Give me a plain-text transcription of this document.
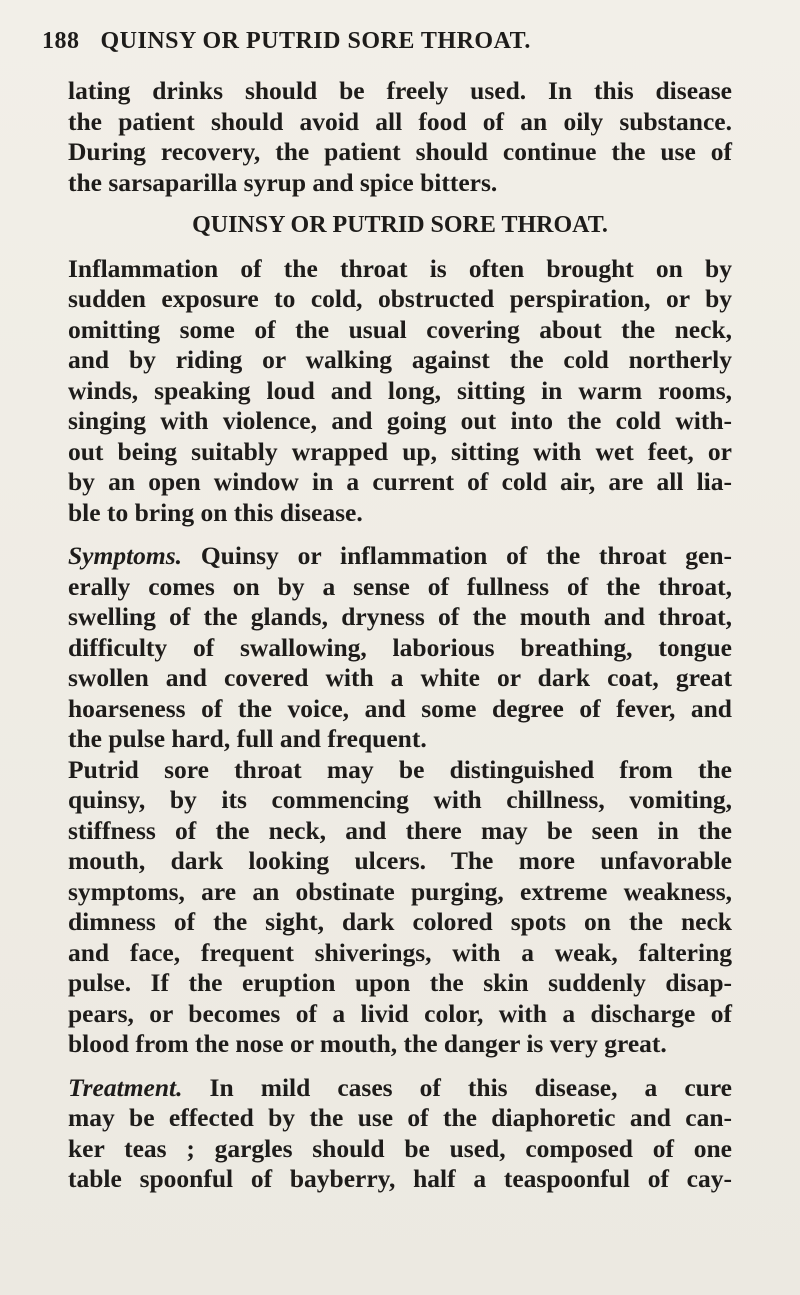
188 QUINSY OR PUTRID SORE THROAT.
lating drinks should be freely used. In this disease
the patient should avoid all food of an oily substance.
During recovery, the patient should continue the use of
the sarsaparilla syrup and spice bitters.
QUINSY OR PUTRID SORE THROAT.
Inflammation of the throat is often brought on by
sudden exposure to cold, obstructed perspiration, or by
omitting some of the usual covering about the neck,
and by riding or walking against the cold northerly
winds, speaking loud and long, sitting in warm rooms,
singing with violence, and going out into the cold with-
out being suitably wrapped up, sitting with wet feet, or
by an open window in a current of cold air, are all lia-
ble to bring on this disease.
Symptoms. Quinsy or inflammation of the throat gen-
erally comes on by a sense of fullness of the throat,
swelling of the glands, dryness of the mouth and throat,
difficulty of swallowing, laborious breathing, tongue
swollen and covered with a white or dark coat, great
hoarseness of the voice, and some degree of fever, and
the pulse hard, full and frequent.
Putrid sore throat may be distinguished from the
quinsy, by its commencing with chillness, vomiting,
stiffness of the neck, and there may be seen in the
mouth, dark looking ulcers. The more unfavorable
symptoms, are an obstinate purging, extreme weakness,
dimness of the sight, dark colored spots on the neck
and face, frequent shiverings, with a weak, faltering
pulse. If the eruption upon the skin suddenly disap-
pears, or becomes of a livid color, with a discharge of
blood from the nose or mouth, the danger is very great.
Treatment. In mild cases of this disease, a cure
may be effected by the use of the diaphoretic and can-
ker teas ; gargles should be used, composed of one
table spoonful of bayberry, half a teaspoonful of cay-
